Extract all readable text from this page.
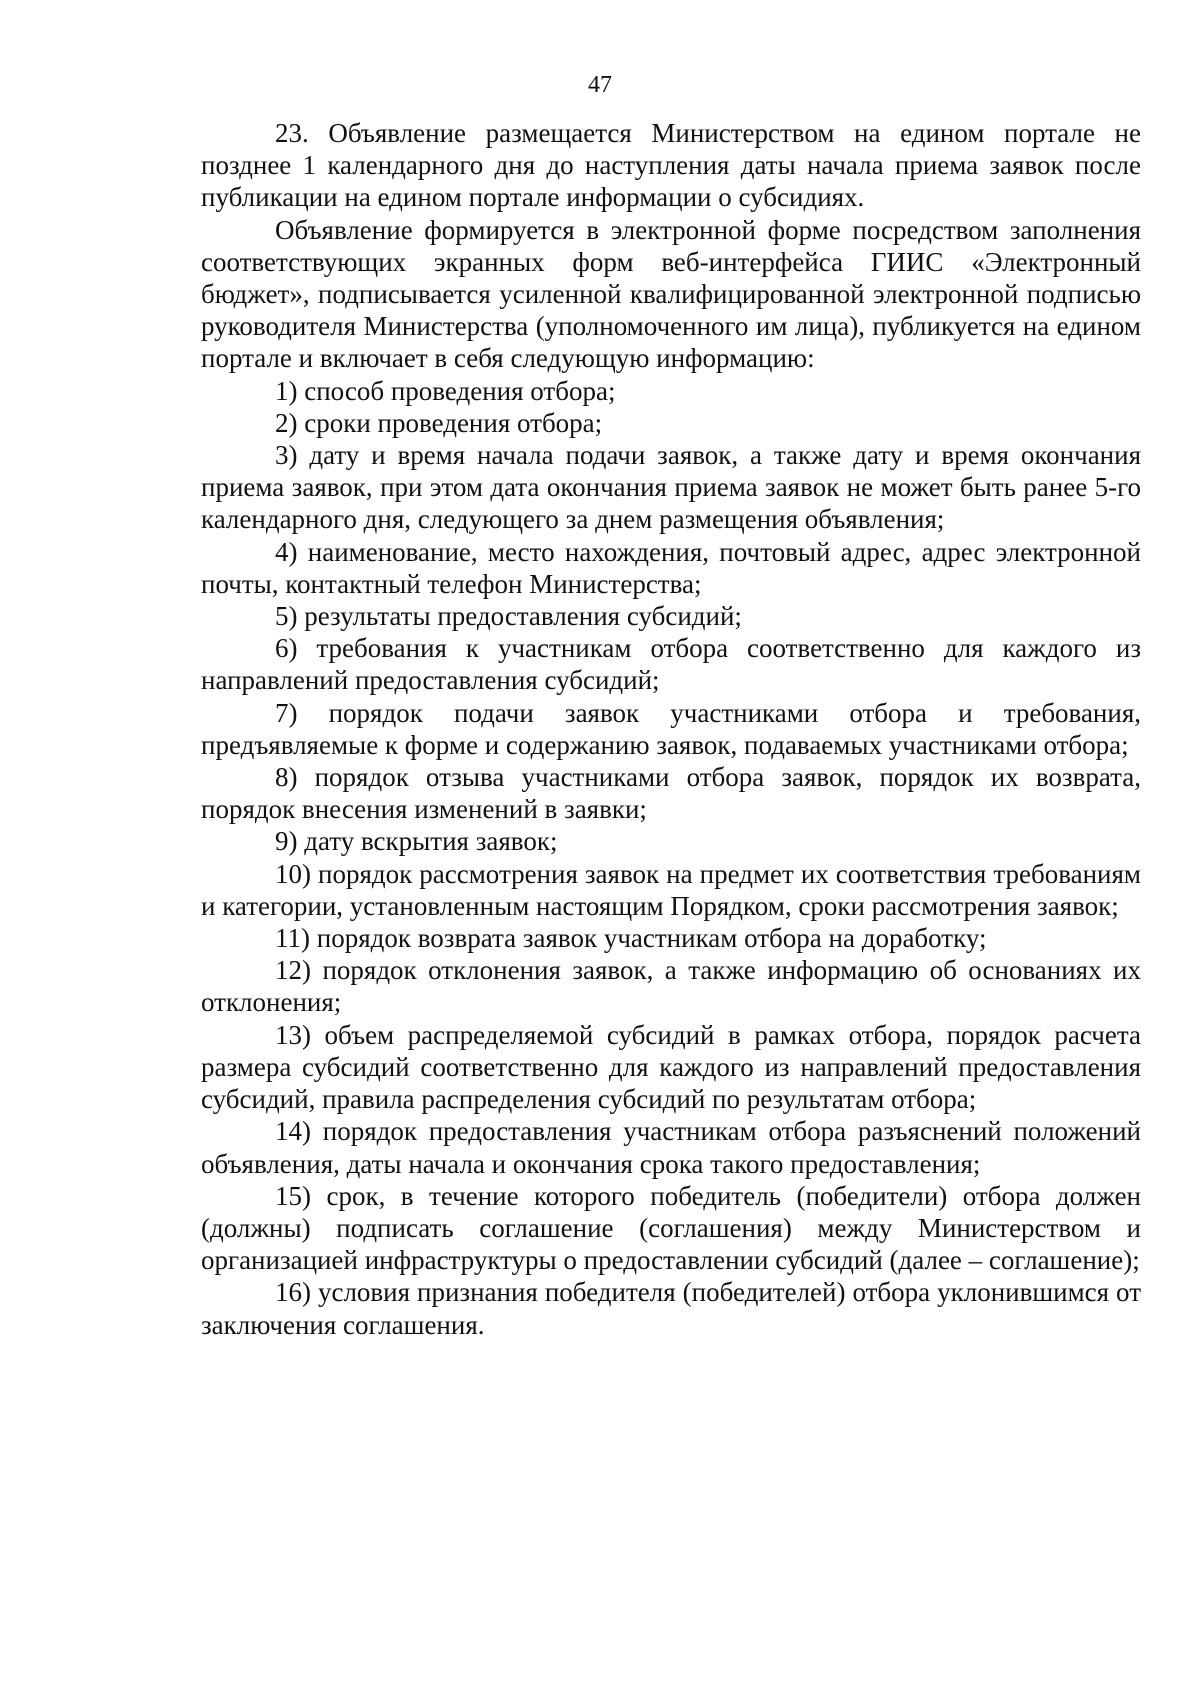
47

23. Объявление размещается Министерством на едином портале не позднее 1 календарного дня до наступления даты начала приема заявок после публикации на едином портале информации о субсидиях.

Объявление формируется в электронной форме посредством заполнения соответствующих экранных форм веб-интерфейса ГИИС «Электронный бюджет», подписывается усиленной квалифицированной электронной подписью руководителя Министерства (уполномоченного им лица), публикуется на едином портале и включает в себя следующую информацию:

1) способ проведения отбора;

2) сроки проведения отбора;

3) дату и время начала подачи заявок, а также дату и время окончания приема заявок, при этом дата окончания приема заявок не может быть ранее 5-го календарного дня, следующего за днем размещения объявления;

4) наименование, место нахождения, почтовый адрес, адрес электронной почты, контактный телефон Министерства;

5) результаты предоставления субсидий;

6) требования к участникам отбора соответственно для каждого из направлений предоставления субсидий;

7) порядок подачи заявок участниками отбора и требования, предъявляемые к форме и содержанию заявок, подаваемых участниками отбора;

8) порядок отзыва участниками отбора заявок, порядок их возврата, порядок внесения изменений в заявки;

9) дату вскрытия заявок;

10) порядок рассмотрения заявок на предмет их соответствия требованиям и категории, установленным настоящим Порядком, сроки рассмотрения заявок;

11) порядок возврата заявок участникам отбора на доработку;

12) порядок отклонения заявок, а также информацию об основаниях их отклонения;

13) объем распределяемой субсидий в рамках отбора, порядок расчета размера субсидий соответственно для каждого из направлений предоставления субсидий, правила распределения субсидий по результатам отбора;

14) порядок предоставления участникам отбора разъяснений положений объявления, даты начала и окончания срока такого предоставления;

15) срок, в течение которого победитель (победители) отбора должен (должны) подписать соглашение (соглашения) между Министерством и организацией инфраструктуры о предоставлении субсидий (далее – соглашение);

16) условия признания победителя (победителей) отбора уклонившимся от заключения соглашения.
